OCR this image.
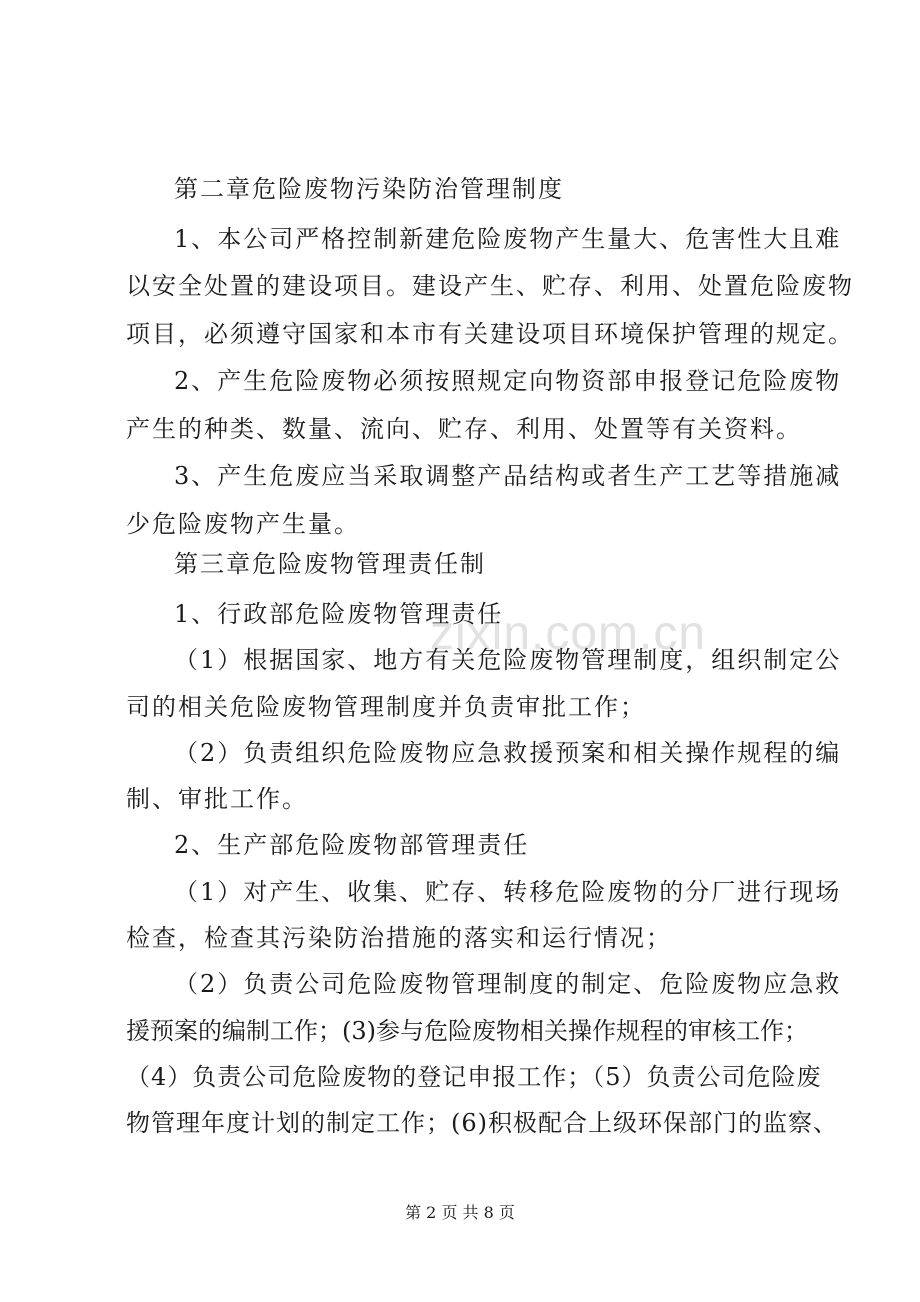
zixin.com.cn
第二章危险废物污染防治管理制度
1、本公司严格控制新建危险废物产生量大、危害性大且难
以安全处置的建设项目。建设产生、贮存、利用、处置危险废物
项目，必须遵守国家和本市有关建设项目环境保护管理的规定。
2、产生危险废物必须按照规定向物资部申报登记危险废物
产生的种类、数量、流向、贮存、利用、处置等有关资料。
3、产生危废应当采取调整产品结构或者生产工艺等措施减
少危险废物产生量。
第三章危险废物管理责任制
1、行政部危险废物管理责任
（1）根据国家、地方有关危险废物管理制度，组织制定公
司的相关危险废物管理制度并负责审批工作；
（2）负责组织危险废物应急救援预案和相关操作规程的编
制、审批工作。
2、生产部危险废物部管理责任
（1）对产生、收集、贮存、转移危险废物的分厂进行现场
检查，检查其污染防治措施的落实和运行情况；
（2）负责公司危险废物管理制度的制定、危险废物应急救
援预案的编制工作；(3)参与危险废物相关操作规程的审核工作；
（4）负责公司危险废物的登记申报工作；（5）负责公司危险废
物管理年度计划的制定工作；(6)积极配合上级环保部门的监察、
第 2 页 共 8 页
